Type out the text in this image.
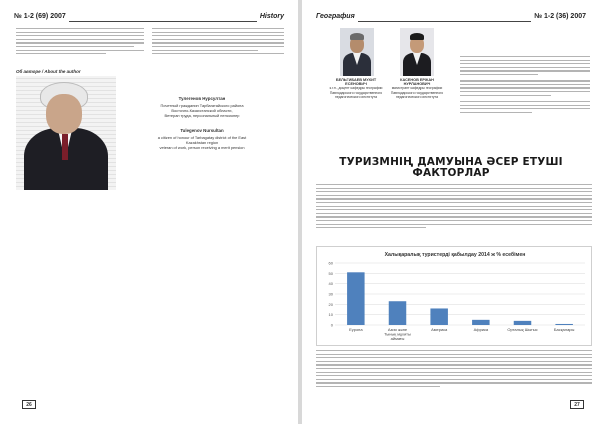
№ 1-2 (69) 2007	History
Об авторе / About the author
Тулегенов Нурсултан
Почетный гражданин Тарбагатайского района
Восточно-Казахстанской области,
Ветеран труда, персональный пенсионер
Tulegenov Nursultan
a citizen of honour of Tarbagatay district of the East
Kazakhstan region
veteran of work, person receiving a merit pension
26
География	№ 1-2 (36) 2007
БЕЛЬГИБАЕВ МУХИТ ЕСЕНОВИЧ
к.г.н., доцент кафедры географии Павлодарского государственного педагогического института
КАСЕНОВ ЕРЖАН НУРЛАНОВИЧ
магистрант кафедры географии Павлодарского государственного педагогического института
ТУРИЗМНІҢ ДАМУЫНА ӘСЕР ЕТУШІ
ФАКТОРЛАР
Халықаралық туристерді қабылдау 2014 ж % есебімен
0
10
20
30
40
50
60
Еуропа	Азия және Тынық мұхиты аймағы
Америка	Африка	Орталық Шығыс	Басқалары
27
